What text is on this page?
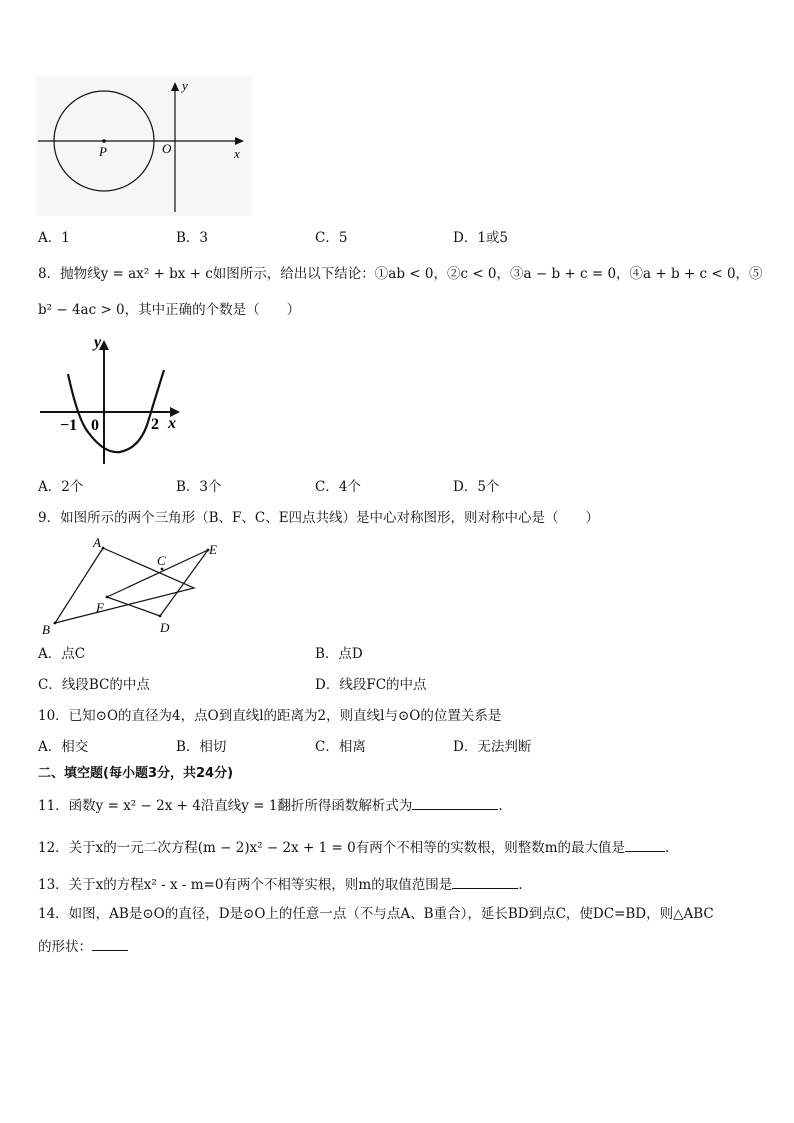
y
x
O
P
A．1	B．3	C．5	D．1或5
8．抛物线y = ax² + bx + c如图所示，给出以下结论：①ab < 0，②c < 0，③a − b + c = 0，④a + b + c < 0，⑤
b² − 4ac > 0，其中正确的个数是（　　）
y
x
−1 0	2
A．2个	B．3个	C．4个	D．5个
9．如图所示的两个三角形（B、F、C、E四点共线）是中心对称图形，则对称中心是（　　）
A
B
C
D
E
F
A．点C	B．点D
C．线段BC的中点	D．线段FC的中点
10．已知⊙O的直径为4，点O到直线l的距离为2，则直线l与⊙O的位置关系是
A．相交	B．相切	C．相离	D．无法判断
二、填空题(每小题3分，共24分)
11．函数y = x² − 2x + 4沿直线y = 1翻折所得函数解析式为	.
12．关于x的一元二次方程(m − 2)x² − 2x + 1 = 0有两个不相等的实数根，则整数m的最大值是	.
13．关于x的方程x² - x - m=0有两个不相等实根，则m的取值范围是	.
14．如图，AB是⊙O的直径，D是⊙O上的任意一点（不与点A、B重合），延长BD到点C，使DC=BD，则△ABC
的形状：
